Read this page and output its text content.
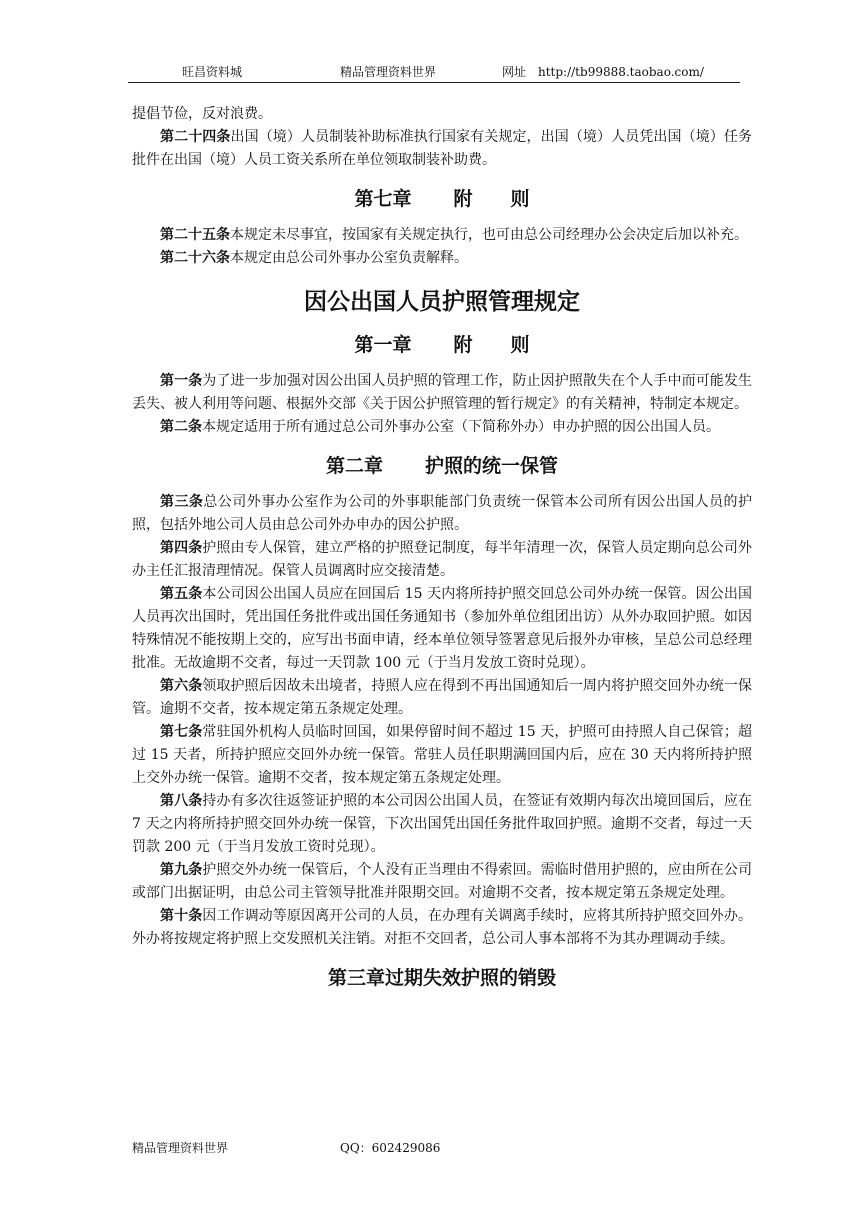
旺昌资料城	精品管理资料世界	网址　http://tb99888.taobao.com/

提倡节俭，反对浪费。

第二十四条出国（境）人员制装补助标准执行国家有关规定，出国（境）人员凭出国（境）任务批件在出国（境）人员工资关系所在单位领取制装补助费。

第七章 附　　则

第二十五条本规定未尽事宜，按国家有关规定执行，也可由总公司经理办公会决定后加以补充。

第二十六条本规定由总公司外事办公室负责解释。

因公出国人员护照管理规定
第一章 附　　则

第一条为了进一步加强对因公出国人员护照的管理工作，防止因护照散失在个人手中而可能发生丢失、被人利用等问题、根据外交部《关于因公护照管理的暂行规定》的有关精神，特制定本规定。

第二条本规定适用于所有通过总公司外事办公室（下简称外办）申办护照的因公出国人员。

第二章 护照的统一保管

第三条总公司外事办公室作为公司的外事职能部门负责统一保管本公司所有因公出国人员的护照，包括外地公司人员由总公司外办申办的因公护照。

第四条护照由专人保管，建立严格的护照登记制度，每半年清理一次，保管人员定期向总公司外办主任汇报清理情况。保管人员调离时应交接清楚。

第五条本公司因公出国人员应在回国后 15 天内将所持护照交回总公司外办统一保管。因公出国人员再次出国时，凭出国任务批件或出国任务通知书（参加外单位组团出访）从外办取回护照。如因特殊情况不能按期上交的，应写出书面申请，经本单位领导签署意见后报外办审核，呈总公司总经理批准。无故逾期不交者，每过一天罚款 100 元（于当月发放工资时兑现）。

第六条领取护照后因故未出境者，持照人应在得到不再出国通知后一周内将护照交回外办统一保管。逾期不交者，按本规定第五条规定处理。

第七条常驻国外机构人员临时回国，如果停留时间不超过 15 天，护照可由持照人自己保管；超过 15 天者，所持护照应交回外办统一保管。常驻人员任职期满回国内后，应在 30 天内将所持护照上交外办统一保管。逾期不交者，按本规定第五条规定处理。

第八条持办有多次往返签证护照的本公司因公出国人员，在签证有效期内每次出境回国后，应在 7 天之内将所持护照交回外办统一保管，下次出国凭出国任务批件取回护照。逾期不交者，每过一天罚款 200 元（于当月发放工资时兑现）。

第九条护照交外办统一保管后，个人没有正当理由不得索回。需临时借用护照的，应由所在公司或部门出据证明，由总公司主管领导批准并限期交回。对逾期不交者，按本规定第五条规定处理。

第十条因工作调动等原因离开公司的人员，在办理有关调离手续时，应将其所持护照交回外办。外办将按规定将护照上交发照机关注销。对拒不交回者，总公司人事本部将不为其办理调动手续。

第三章过期失效护照的销毁
精品管理资料世界	QQ：602429086
